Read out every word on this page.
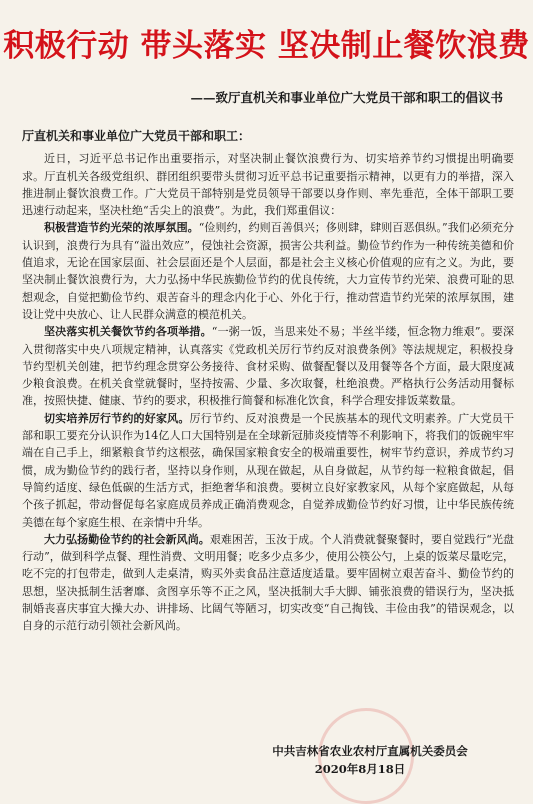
积极行动 带头落实 坚决制止餐饮浪费
——致厅直机关和事业单位广大党员干部和职工的倡议书
厅直机关和事业单位广大党员干部和职工：

近日，习近平总书记作出重要指示，对坚决制止餐饮浪费行为、切实培养节约习惯提出明确要求。厅直机关各级党组织、群团组织要带头贯彻习近平总书记重要指示精神，以更有力的举措，深入推进制止餐饮浪费工作。广大党员干部特别是党员领导干部要以身作则、率先垂范，全体干部职工要迅速行动起来，坚决杜绝“舌尖上的浪费”。为此，我们郑重倡议：

积极营造节约光荣的浓厚氛围。“俭则约，约则百善俱兴；侈则肆，肆则百恶俱纵。”我们必须充分认识到，浪费行为具有“溢出效应”，侵蚀社会资源，损害公共利益。勤俭节约作为一种传统美德和价值追求，无论在国家层面、社会层面还是个人层面，都是社会主义核心价值观的应有之义。为此，要坚决制止餐饮浪费行为，大力弘扬中华民族勤俭节约的优良传统，大力宣传节约光荣、浪费可耻的思想观念，自觉把勤俭节约、艰苦奋斗的理念内化于心、外化于行，推动营造节约光荣的浓厚氛围，建设让党中央放心、让人民群众满意的模范机关。

坚决落实机关餐饮节约各项举措。“一粥一饭，当思来处不易；半丝半缕，恒念物力维艰”。要深入贯彻落实中央八项规定精神，认真落实《党政机关厉行节约反对浪费条例》等法规规定，积极投身节约型机关创建，把节约理念贯穿公务接待、食材采购、做餐配餐以及用餐等各个方面，最大限度减少粮食浪费。在机关食堂就餐时，坚持按需、少量、多次取餐，杜绝浪费。严格执行公务活动用餐标准，按照快捷、健康、节约的要求，积极推行简餐和标准化饮食，科学合理安排饭菜数量。

切实培养厉行节约的好家风。厉行节约、反对浪费是一个民族基本的现代文明素养。广大党员干部和职工要充分认识作为14亿人口大国特别是在全球新冠肺炎疫情等不利影响下，将我们的饭碗牢牢端在自己手上，细紧粮食节约这根弦，确保国家粮食安全的极端重要性，树牢节约意识，养成节约习惯，成为勤俭节约的践行者，坚持以身作则，从现在做起，从自身做起，从节约每一粒粮食做起，倡导简约适度、绿色低碳的生活方式，拒绝奢华和浪费。要树立良好家教家风，从每个家庭做起，从每个孩子抓起，带动督促每名家庭成员养成正确消费观念，自觉养成勤俭节约好习惯，让中华民族传统美德在每个家庭生根、在亲情中升华。

大力弘扬勤俭节约的社会新风尚。艰难困苦，玉汝于成。个人消费就餐聚餐时，要自觉践行“光盘行动”，做到科学点餐、理性消费、文明用餐；吃多少点多少，使用公筷公勺，上桌的饭菜尽量吃完，吃不完的打包带走，做到人走桌清，购买外卖食品注意适度适量。要牢固树立艰苦奋斗、勤俭节约的思想，坚决抵制生活奢靡、贪图享乐等不正之风，坚决抵制大手大脚、铺张浪费的错误行为，坚决抵制婚丧喜庆事宜大操大办、讲排场、比阔气等陋习，切实改变“自己掏钱、丰俭由我”的错误观念，以自身的示范行动引领社会新风尚。

中共吉林省农业农村厅直属机关委员会
2020年8月18日
